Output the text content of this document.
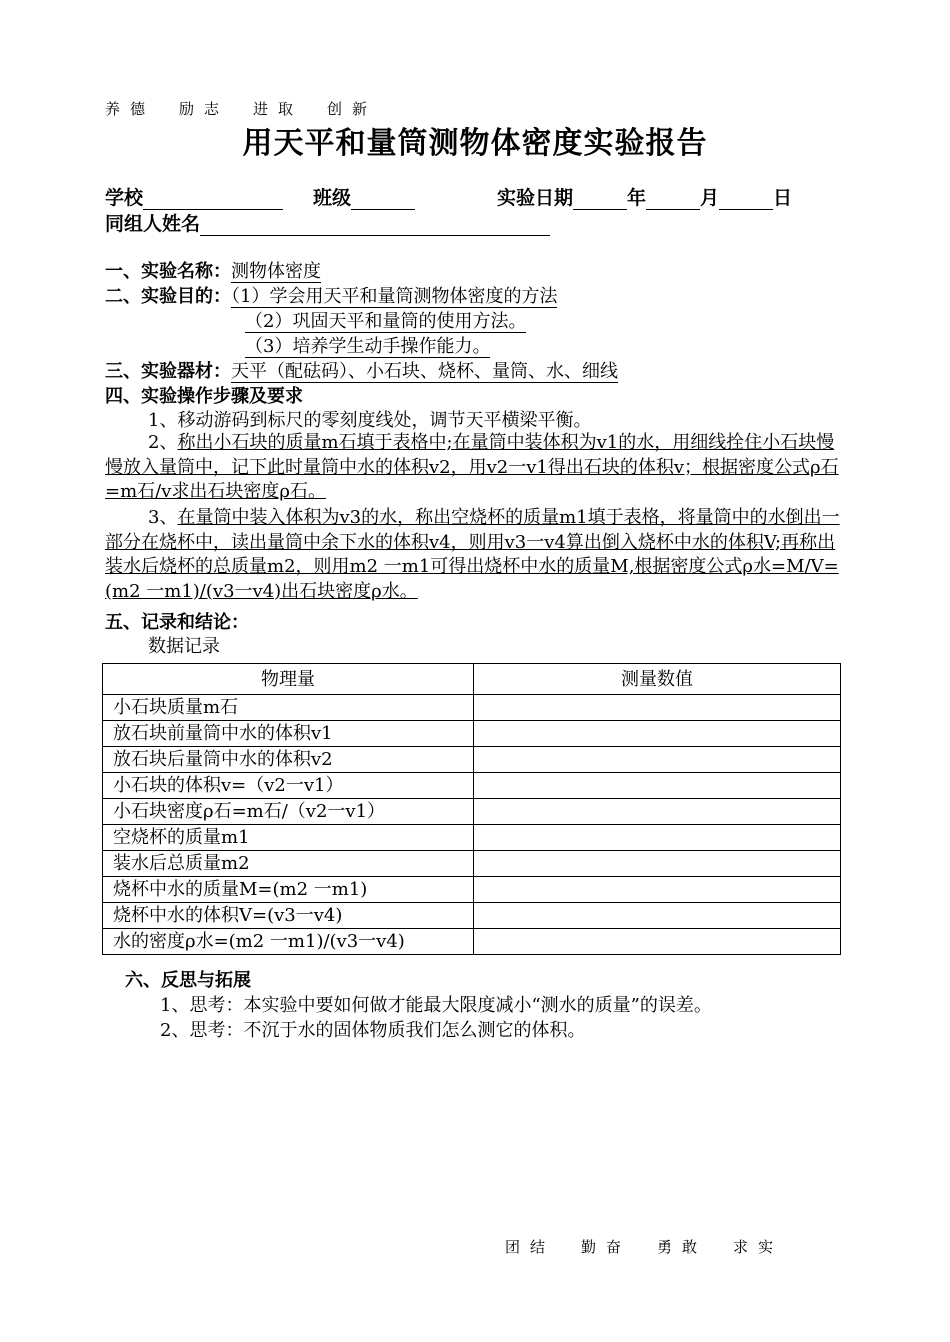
养德 励志 进取 创新
用天平和量筒测物体密度实验报告
学校	班级	实验日期	年	月	日
同组人姓名
一、实验名称：测物体密度
二、实验目的：（1）学会用天平和量筒测物体密度的方法
（2）巩固天平和量筒的使用方法。
（3）培养学生动手操作能力。
三、实验器材：天平（配砝码）、小石块、烧杯、量筒、水、细线
四、实验操作步骤及要求
1、移动游码到标尺的零刻度线处，调节天平横梁平衡。
2、称出小石块的质量m石填于表格中;在量筒中装体积为v1的水，用细线拴住小石块慢慢放入量筒中，记下此时量筒中水的体积v2，用v2一v1得出石块的体积v；根据密度公式ρ石=m石/v求出石块密度ρ石。
3、在量筒中装入体积为v3的水，称出空烧杯的质量m1填于表格，将量筒中的水倒出一部分在烧杯中，读出量筒中余下水的体积v4，则用v3一v4算出倒入烧杯中水的体积V;再称出装水后烧杯的总质量m2，则用m2 一m1可得出烧杯中水的质量M,根据密度公式ρ水=M/V=(m2 一m1)/(v3一v4)出石块密度ρ水。
五、记录和结论：
数据记录
物理量	测量数值
小石块质量m石	
放石块前量筒中水的体积v1	
放石块后量筒中水的体积v2	
小石块的体积v=（v2一v1）	
小石块密度ρ石=m石/（v2一v1）	
空烧杯的质量m1	
装水后总质量m2	
烧杯中水的质量M=(m2 一m1)	
烧杯中水的体积V=(v3一v4)	
水的密度ρ水=(m2 一m1)/(v3一v4)	
六、反思与拓展
1、思考：本实验中要如何做才能最大限度减小“测水的质量”的误差。
2、思考：不沉于水的固体物质我们怎么测它的体积。
团结 勤奋 勇敢 求实
